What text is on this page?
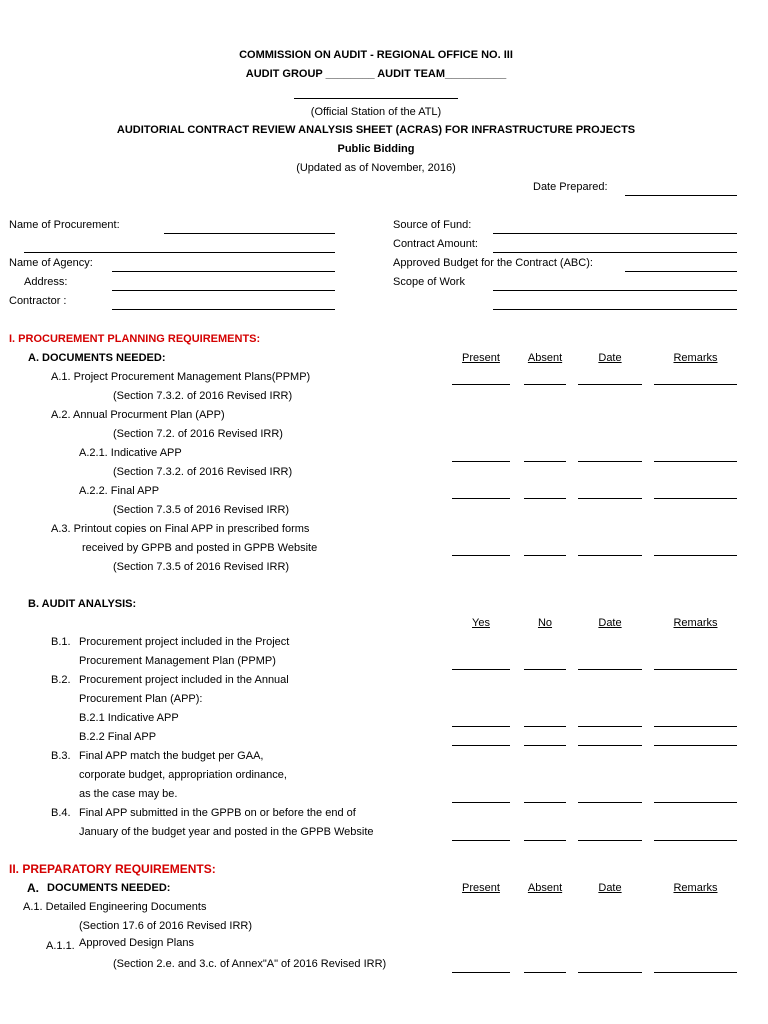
COMMISSION ON AUDIT - REGIONAL OFFICE NO. III
AUDIT GROUP ________ AUDIT TEAM__________
(Official Station of the ATL)
AUDITORIAL CONTRACT REVIEW ANALYSIS SHEET (ACRAS) FOR INFRASTRUCTURE PROJECTS
Public Bidding
(Updated as of November, 2016)
Date Prepared:
Name of Procurement:
Name of Agency:
Address:
Contractor :
Source of Fund:
Contract Amount:
Approved Budget for the Contract (ABC):
Scope of Work
I. PROCUREMENT PLANNING REQUIREMENTS:
A. DOCUMENTS NEEDED:	Present	Absent	Date	Remarks
A.1. Project Procurement Management Plans(PPMP)
(Section 7.3.2. of 2016 Revised IRR)
A.2. Annual Procurment Plan (APP)
(Section 7.2. of 2016 Revised IRR)
A.2.1. Indicative APP
(Section 7.3.2. of 2016 Revised IRR)
A.2.2. Final APP
(Section 7.3.5 of 2016 Revised IRR)
A.3. Printout copies on Final APP in prescribed forms
received by GPPB and posted in GPPB Website
(Section 7.3.5 of 2016 Revised IRR)
B. AUDIT ANALYSIS:
Yes	No	Date	Remarks
B.1. Procurement project included in the Project
Procurement Management Plan (PPMP)
B.2. Procurement project included in the Annual
Procurement Plan (APP):
B.2.1 Indicative APP
B.2.2 Final APP
B.3. Final APP match the budget per GAA,
corporate budget, appropriation ordinance,
as the case may be.
B.4. Final APP submitted in the GPPB on or before the end of
January of the budget year and posted in the GPPB Website
II. PREPARATORY REQUIREMENTS:
A. DOCUMENTS NEEDED:	Present	Absent	Date	Remarks
A.1. Detailed Engineering Documents
(Section 17.6 of 2016 Revised IRR)
A.1.1. Approved Design Plans
(Section 2.e. and 3.c. of Annex"A" of 2016 Revised IRR)
